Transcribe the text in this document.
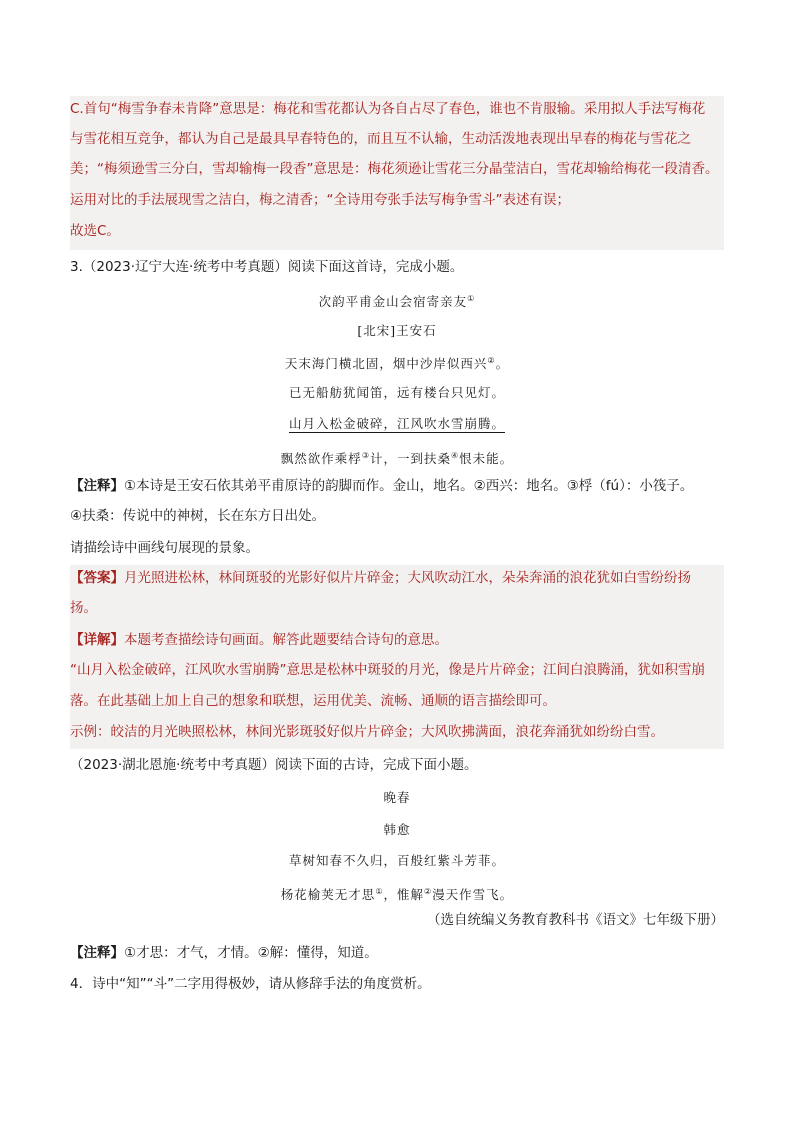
C.首句“梅雪争春未肯降”意思是：梅花和雪花都认为各自占尽了春色，谁也不肯服输。采用拟人手法写梅花
与雪花相互竞争，都认为自己是最具早春特色的，而且互不认输，生动活泼地表现出早春的梅花与雪花之
美；“梅须逊雪三分白，雪却输梅一段香”意思是：梅花须逊让雪花三分晶莹洁白，雪花却输给梅花一段清香。
运用对比的手法展现雪之洁白，梅之清香；“全诗用夸张手法写梅争雪斗”表述有误；
故选C。
3.（2023·辽宁大连·统考中考真题）阅读下面这首诗，完成小题。
次韵平甫金山会宿寄亲友①
[北宋]王安石
天末海门横北固，烟中沙岸似西兴②。
已无船舫犹闻笛，远有楼台只见灯。
山月入松金破碎，江风吹水雪崩腾。
飘然欲作乘桴③计，一到扶桑④恨未能。
【注释】①本诗是王安石依其弟平甫原诗的韵脚而作。金山，地名。②西兴：地名。③桴（fú）：小筏子。
④扶桑：传说中的神树，长在东方日出处。
请描绘诗中画线句展现的景象。
【答案】月光照进松林，林间斑驳的光影好似片片碎金；大风吹动江水，朵朵奔涌的浪花犹如白雪纷纷扬
扬。
【详解】本题考查描绘诗句画面。解答此题要结合诗句的意思。
“山月入松金破碎，江风吹水雪崩腾”意思是松林中斑驳的月光，像是片片碎金；江间白浪腾涌，犹如积雪崩
落。在此基础上加上自己的想象和联想，运用优美、流畅、通顺的语言描绘即可。
示例：皎洁的月光映照松林，林间光影斑驳好似片片碎金；大风吹拂满面，浪花奔涌犹如纷纷白雪。
（2023·湖北恩施·统考中考真题）阅读下面的古诗，完成下面小题。
晚春
韩愈
草树知春不久归，百般红紫斗芳菲。
杨花榆荚无才思①，惟解②漫天作雪飞。
（选自统编义务教育教科书《语文》七年级下册）
【注释】①才思：才气，才情。②解：懂得，知道。
4．诗中“知”“斗”二字用得极妙，请从修辞手法的角度赏析。
